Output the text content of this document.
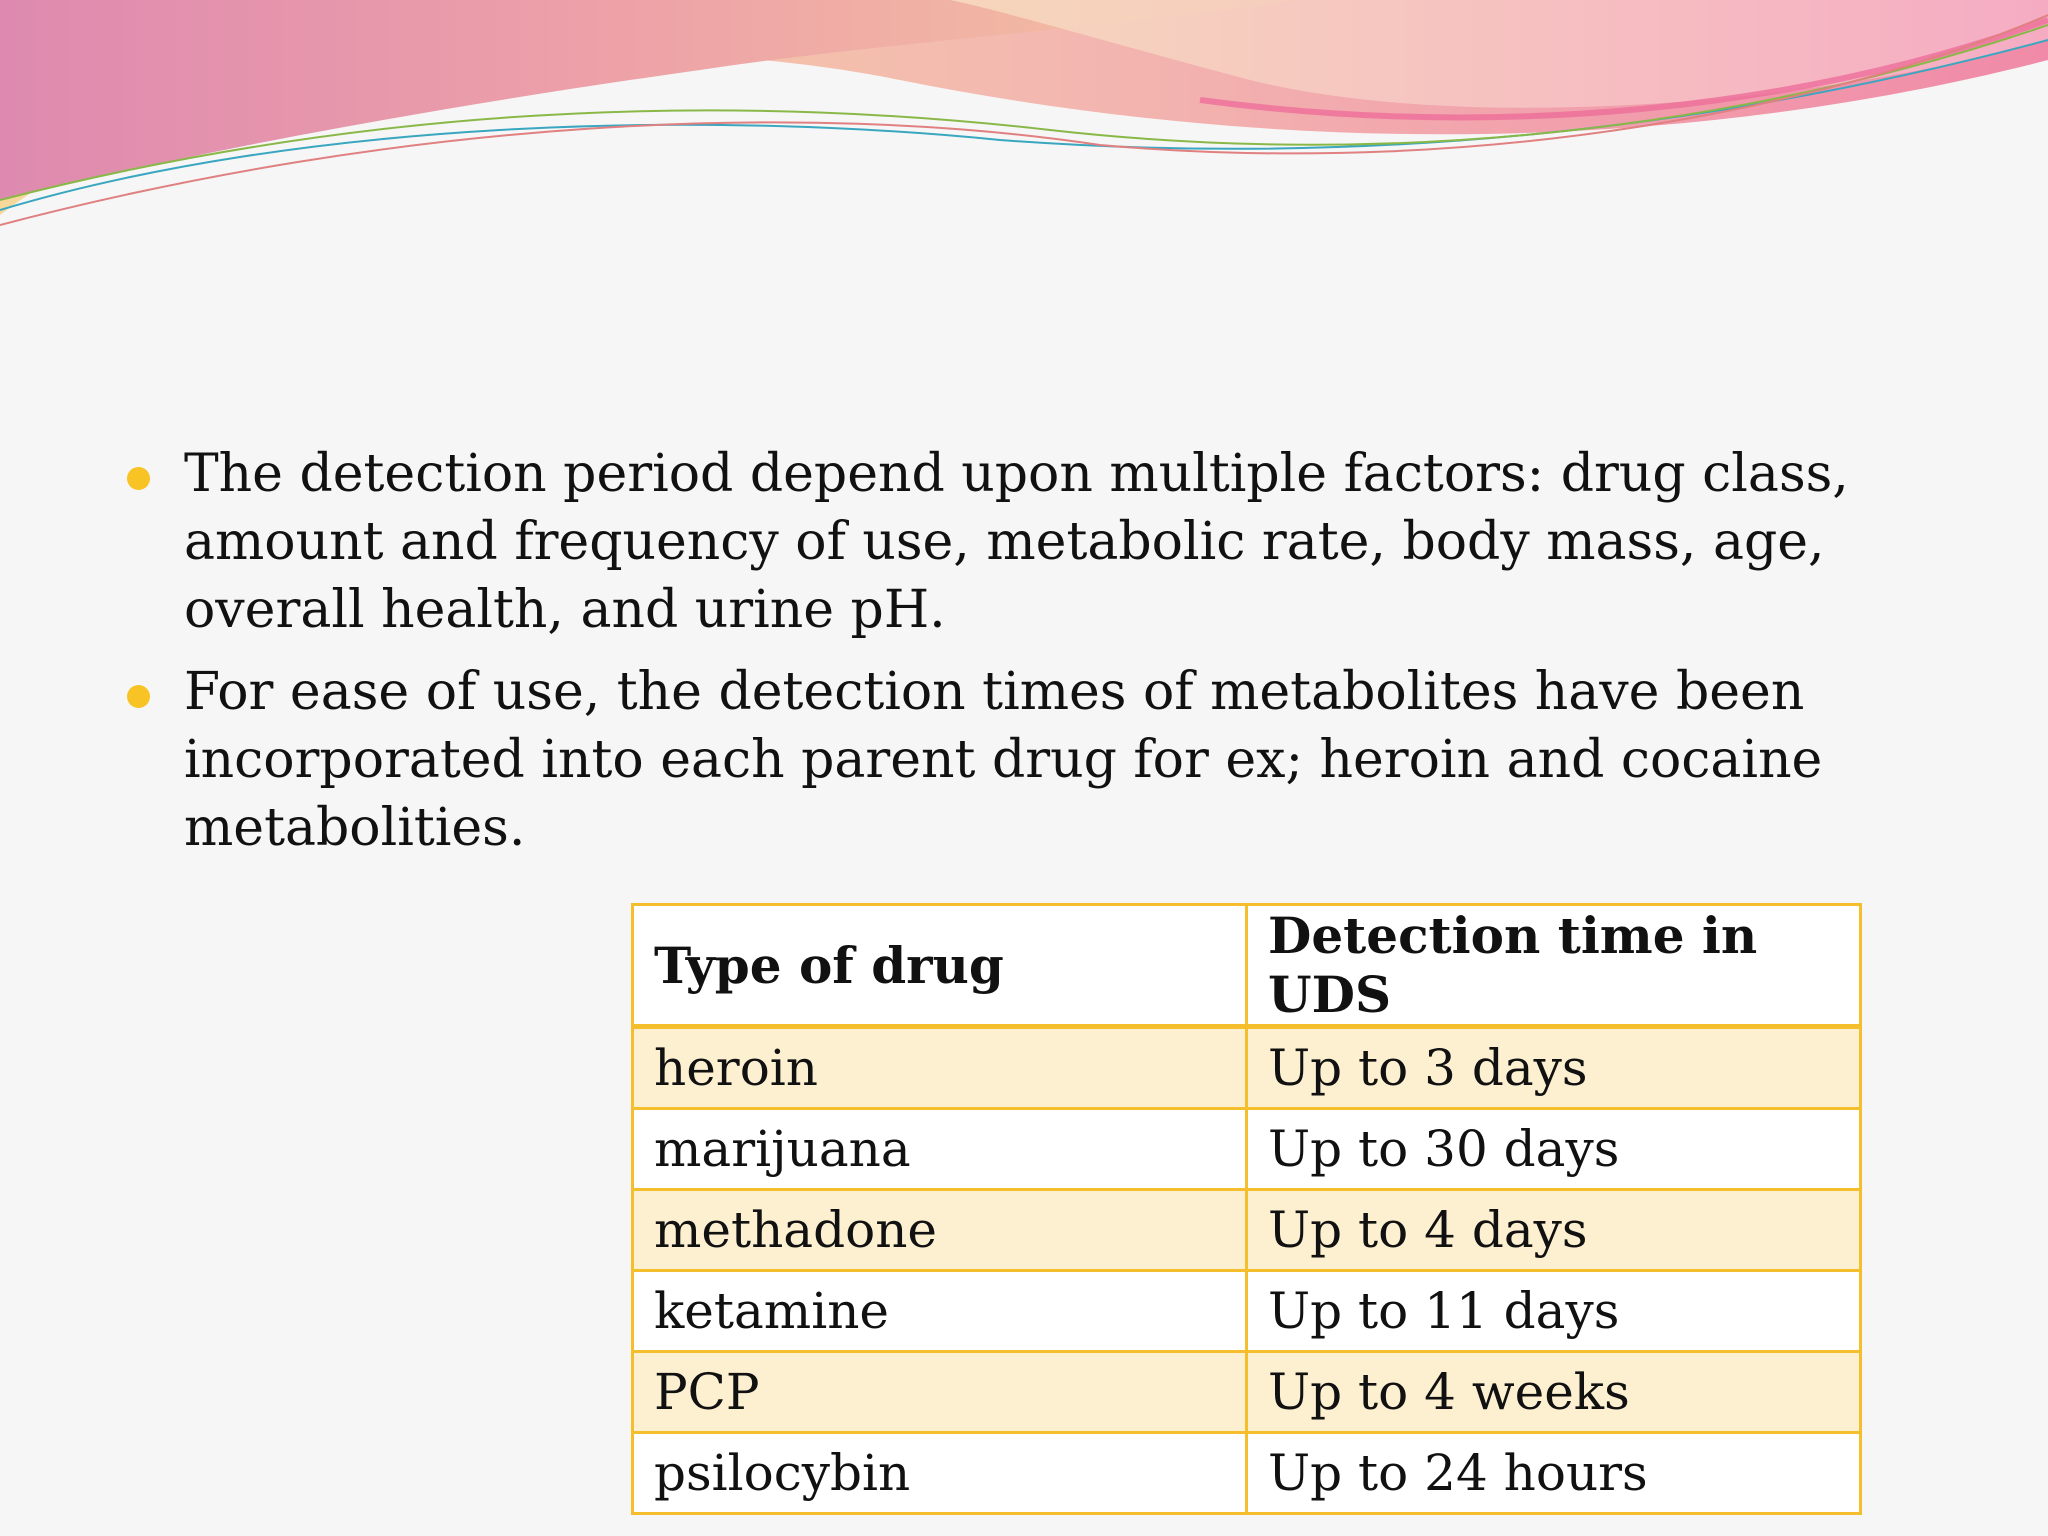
The detection period depend upon multiple factors: drug class, amount and frequency of use, metabolic rate, body mass, age, overall health, and urine pH.
For ease of use, the detection times of metabolites have been incorporated into each parent drug for ex; heroin and cocaine metabolities.
Type of drug	Detection time in UDS
heroin	Up to 3 days
marijuana	Up to 30 days
methadone	Up to 4 days
ketamine	Up to 11 days
PCP	Up to 4 weeks
psilocybin	Up to 24 hours
